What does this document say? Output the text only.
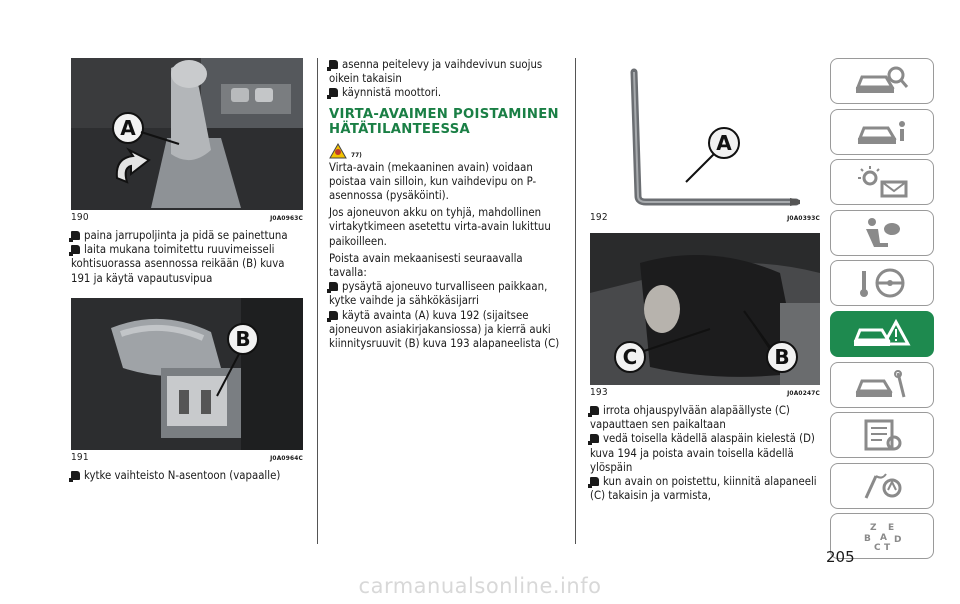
A
190	J0A0963C

paina jarrupoljinta ja pidä se painettuna

laita mukana toimitettu ruuvimeisseli kohtisuorassa asennossa reikään (B) kuva 191 ja käytä vapautusvipua

B
191	J0A0964C

kytke vaihteisto N-asentoon (vapaalle)

asenna peitelevy ja vaihdevivun suojus oikein takaisin

käynnistä moottori.

VIRTA-AVAIMEN POISTAMINEN HÄTÄTILANTEESSA
77)

Virta-avain (mekaaninen avain) voidaan poistaa vain silloin, kun vaihdevipu on P-asennossa (pysäköinti).

Jos ajoneuvon akku on tyhjä, mahdollinen virtakytkimeen asetettu virta-avain lukittuu paikoilleen.

Poista avain mekaanisesti seuraavalla tavalla:

pysäytä ajoneuvo turvalliseen paikkaan, kytke vaihde ja sähkökäsijarri

käytä avainta (A) kuva 192 (sijaitsee ajoneuvon asiakirjakansiossa) ja kierrä auki kiinnitysruuvit (B) kuva 193 alapaneelista (C)

A
192	J0A0393C
C	B
193	J0A0247C

irrota ohjauspylvään alapäällyste (C) vapauttaen sen paikaltaan

vedä toisella kädellä alaspäin kielestä (D) kuva 194 ja poista avain toisella kädellä ylöspäin

kun avain on poistettu, kiinnitä alapaneeli (C) takaisin ja varmista,

Z E
B A D
C T
205
carmanualsonline.info
